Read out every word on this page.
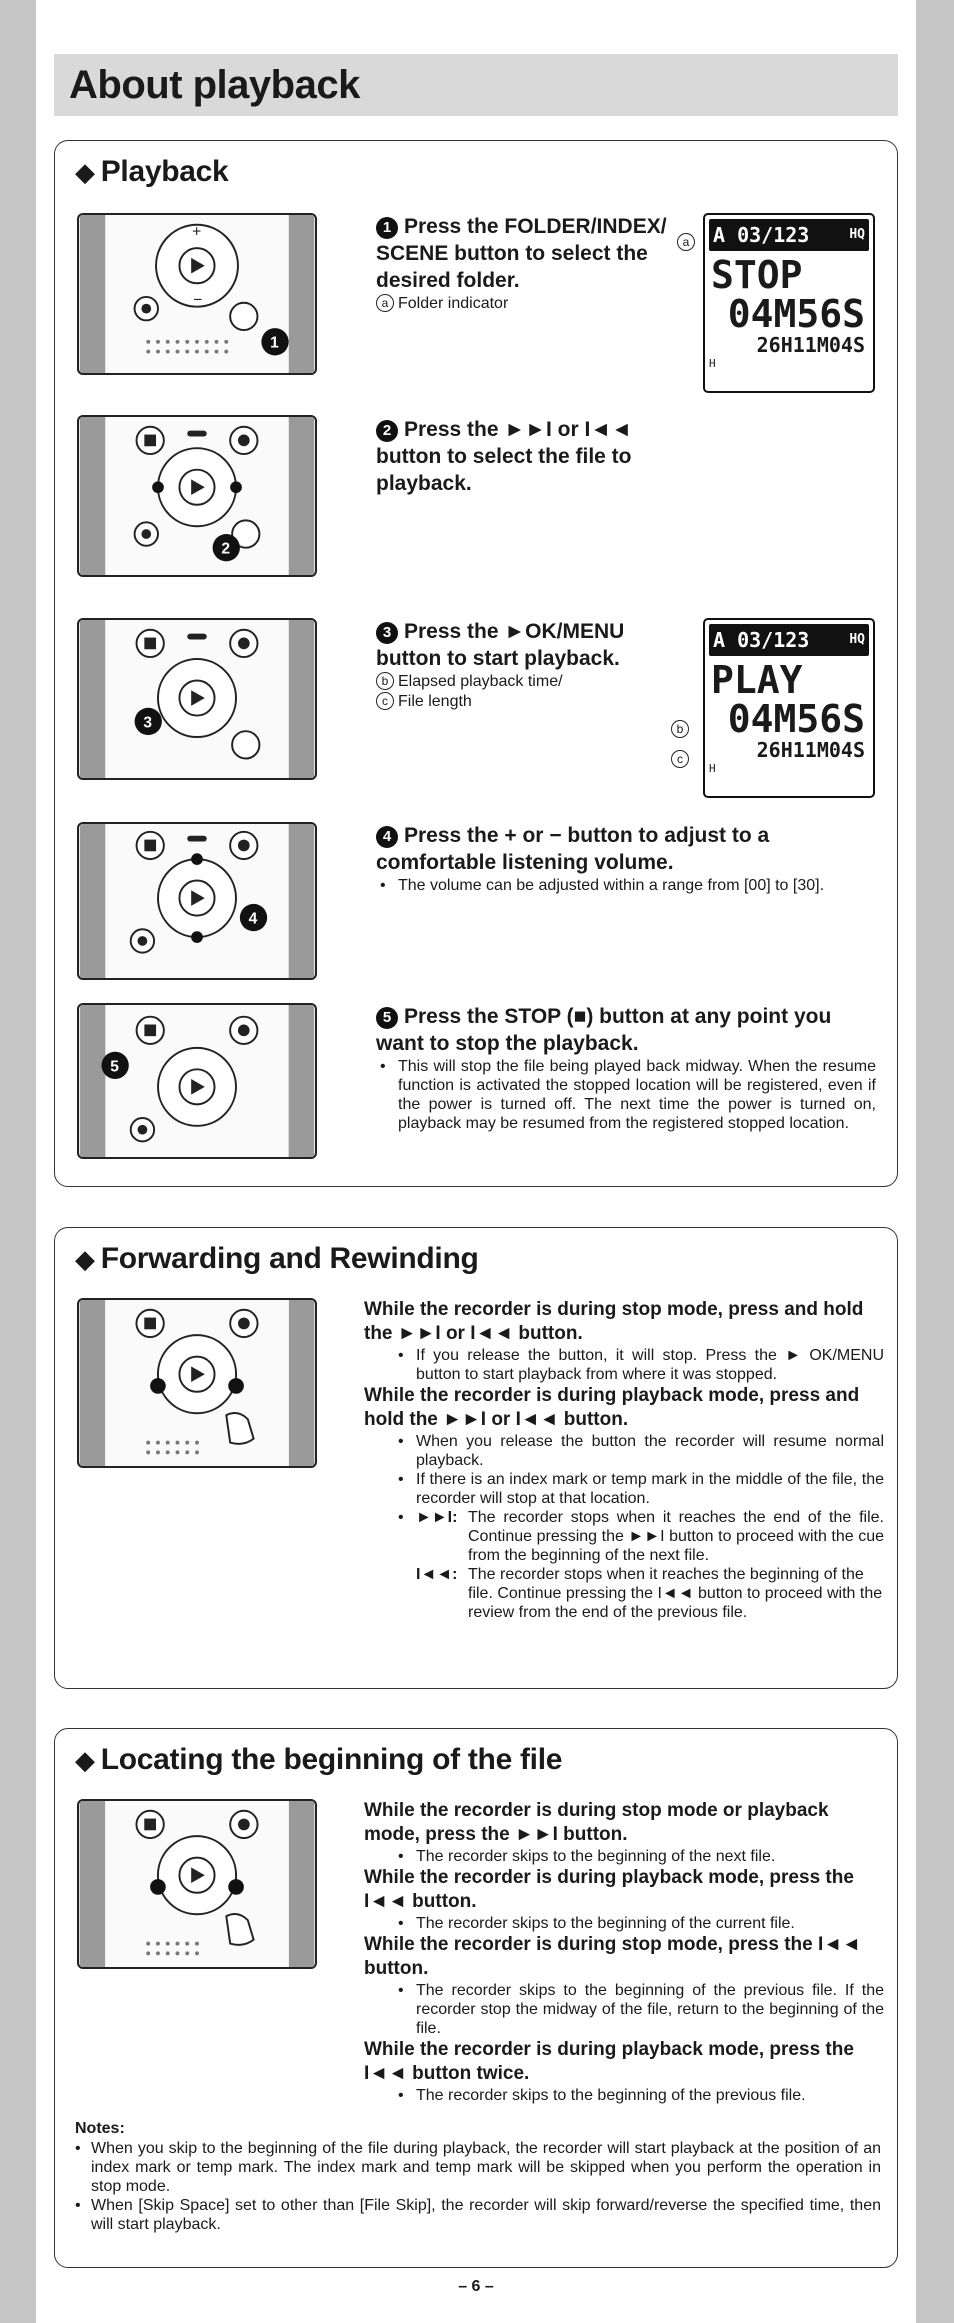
About playback
◆ Playback
+
−
1
1 Press the FOLDER/INDEX/ SCENE button to select the desired folder.
a Folder indicator
a A 03/123	HQ
STOP
04M56S
26H11M04S
H
2
2 Press the ►►I or I◄◄ button to select the file to playback.
3
3 Press the ►OK/MENU button to start playback.
b Elapsed playback time/
c File length
b
c
A 03/123	HQ
PLAY
04M56S
26H11M04S
H
4
4 Press the + or − button to adjust to a comfortable listening volume.
• The volume can be adjusted within a range from [00] to [30].
5
5 Press the STOP (■) button at any point you want to stop the playback.
• This will stop the file being played back midway. When the resume function is activated the stopped location will be registered, even if the power is turned off. The next time the power is turned on, playback may be resumed from the registered stopped location.
◆ Forwarding and Rewinding
While the recorder is during stop mode, press and hold the ►►I or I◄◄ button.
• If you release the button, it will stop. Press the ► OK/MENU button to start playback from where it was stopped.
While the recorder is during playback mode, press and hold the ►►I or I◄◄ button.
• When you release the button the recorder will resume normal playback.
• If there is an index mark or temp mark in the middle of the file, the recorder will stop at that location.
• ►►I: The recorder stops when it reaches the end of the file. Continue pressing the ►►I button to proceed with the cue from the beginning of the next file.
I◄◄: The recorder stops when it reaches the beginning of the file. Continue pressing the I◄◄ button to proceed with the review from the end of the previous file.
◆ Locating the beginning of the file
While the recorder is during stop mode or playback mode, press the ►►I button.
• The recorder skips to the beginning of the next file.
While the recorder is during playback mode, press the I◄◄ button.
• The recorder skips to the beginning of the current file.
While the recorder is during stop mode, press the I◄◄ button.
• The recorder skips to the beginning of the previous file. If the recorder stop the midway of the file, return to the beginning of the file.
While the recorder is during playback mode, press the I◄◄ button twice.
• The recorder skips to the beginning of the previous file.
Notes:
• When you skip to the beginning of the file during playback, the recorder will start playback at the position of an index mark or temp mark. The index mark and temp mark will be skipped when you perform the operation in stop mode.
• When [Skip Space] set to other than [File Skip], the recorder will skip forward/reverse the specified time, then will start playback.
– 6 –
